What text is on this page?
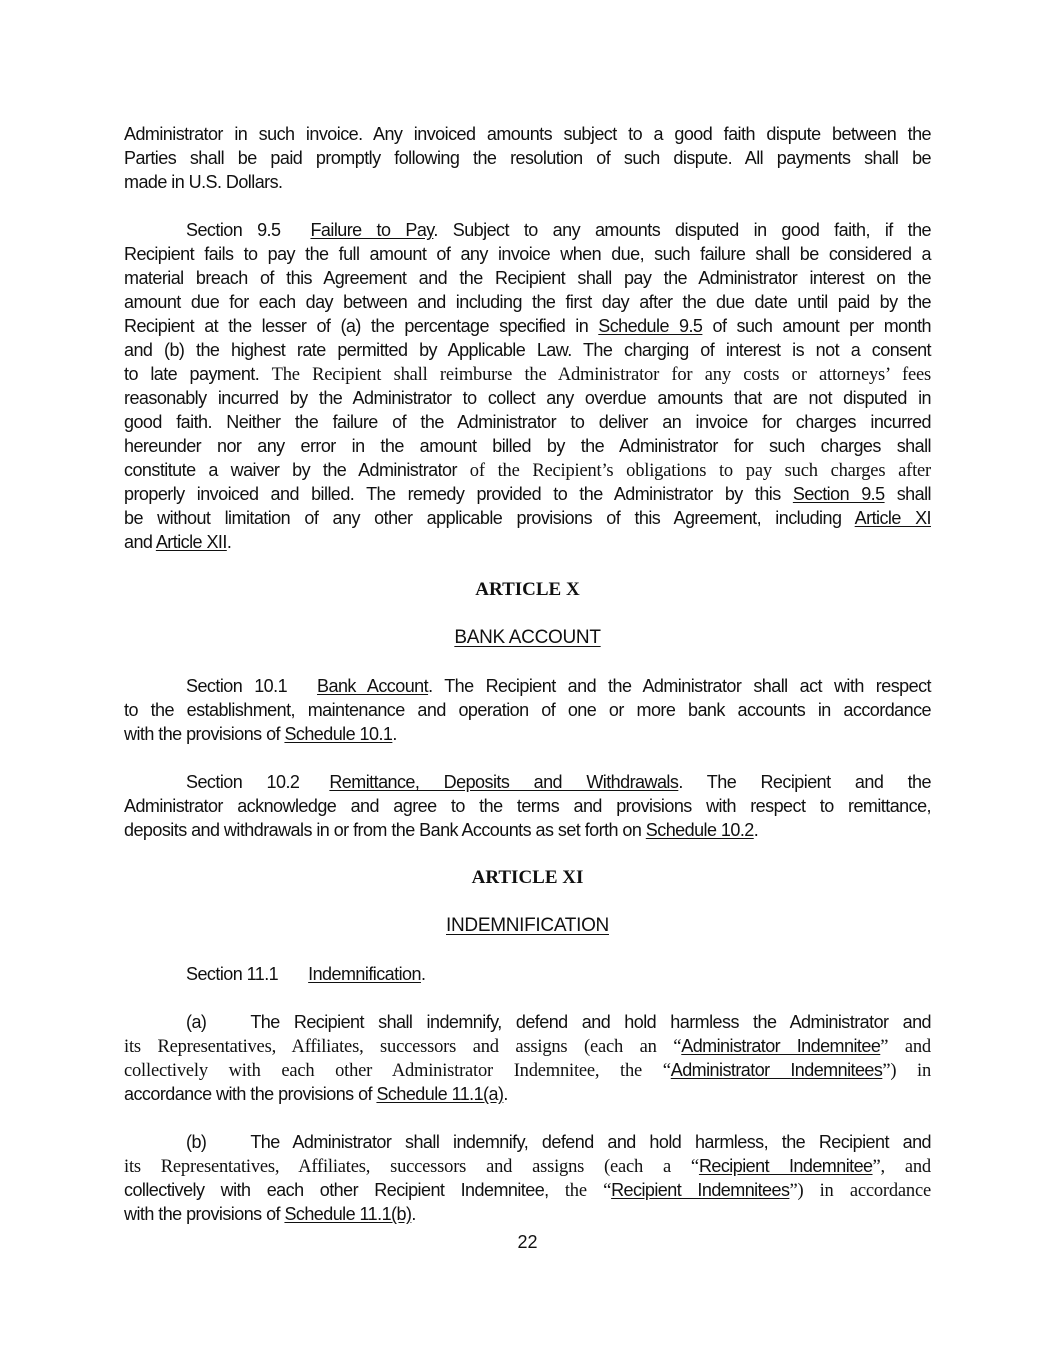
Administrator in such invoice. Any invoiced amounts subject to a good faith dispute between the
Parties shall be paid promptly following the resolution of such dispute. All payments shall be
made in U.S. Dollars.
Section 9.5 Failure to Pay. Subject to any amounts disputed in good faith, if the
Recipient fails to pay the full amount of any invoice when due, such failure shall be considered a
material breach of this Agreement and the Recipient shall pay the Administrator interest on the
amount due for each day between and including the first day after the due date until paid by the
Recipient at the lesser of (a) the percentage specified in Schedule 9.5 of such amount per month
and (b) the highest rate permitted by Applicable Law. The charging of interest is not a consent
to late payment. The Recipient shall reimburse the Administrator for any costs or attorneys’ fees
reasonably incurred by the Administrator to collect any overdue amounts that are not disputed in
good faith. Neither the failure of the Administrator to deliver an invoice for charges incurred
hereunder nor any error in the amount billed by the Administrator for such charges shall
constitute a waiver by the Administrator of the Recipient’s obligations to pay such charges after
properly invoiced and billed. The remedy provided to the Administrator by this Section 9.5 shall
be without limitation of any other applicable provisions of this Agreement, including Article XI
and Article XII.
ARTICLE X
BANK ACCOUNT
Section 10.1 Bank Account. The Recipient and the Administrator shall act with respect
to the establishment, maintenance and operation of one or more bank accounts in accordance
with the provisions of Schedule 10.1.
Section 10.2 Remittance, Deposits and Withdrawals. The Recipient and the
Administrator acknowledge and agree to the terms and provisions with respect to remittance,
deposits and withdrawals in or from the Bank Accounts as set forth on Schedule 10.2.
ARTICLE XI
INDEMNIFICATION
Section 11.1 Indemnification.
(a) The Recipient shall indemnify, defend and hold harmless the Administrator and
its Representatives, Affiliates, successors and assigns (each an “Administrator Indemnitee” and
collectively with each other Administrator Indemnitee, the “Administrator Indemnitees”) in
accordance with the provisions of Schedule 11.1(a).
(b) The Administrator shall indemnify, defend and hold harmless, the Recipient and
its Representatives, Affiliates, successors and assigns (each a “Recipient Indemnitee”, and
collectively with each other Recipient Indemnitee, the “Recipient Indemnitees”) in accordance
with the provisions of Schedule 11.1(b).
22
